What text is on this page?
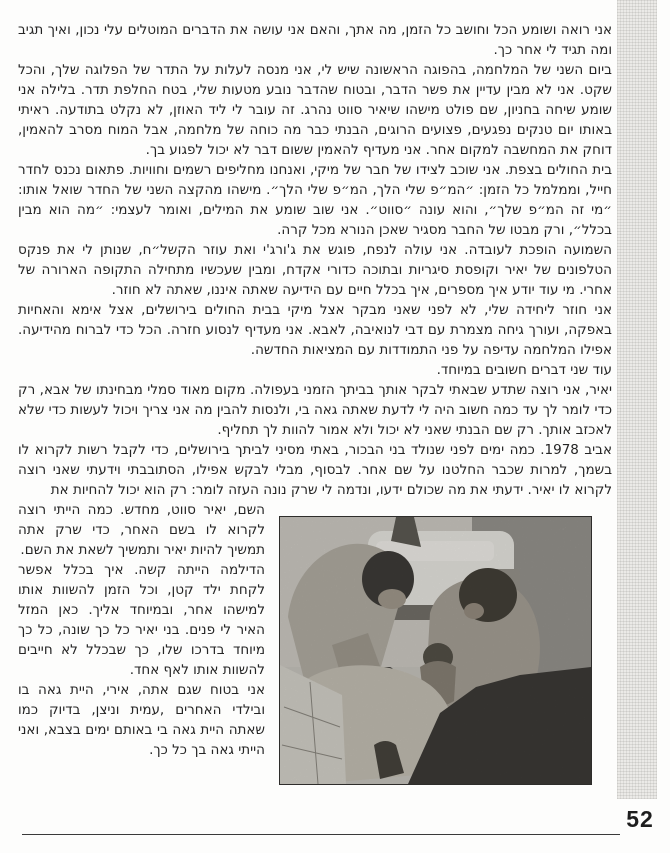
אני רואה ושומע הכל וחושב כל הזמן, מה אתך, והאם אני עושה את הדברים המוטלים עלי נכון, ואיך תגיב ומה תגיד לי אחר כך.

ביום השני של המלחמה, בהפוגה הראשונה שיש לי, אני מנסה לעלות על התדר של הפלוגה שלך, והכל שקט. אני לא מבין עדיין את פשר הדבר, ובטוח שהדבר נובע מטעות שלי, בטח החלפת תדר. בלילה אני שומע שיחה בחניון, שם פולט מישהו שיאיר סווט נהרג. זה עובר לי ליד האוזן, לא נקלט בתודעה. ראיתי באותו יום טנקים נפגעים, פצועים הרוגים, הבנתי כבר מה כוחה של מלחמה, אבל המוח מסרב להאמין, דוחק את המחשבה למקום אחר. אני מעדיף להאמין ששום דבר לא יכול לפגוע בך.

בית החולים בצפת. אני שוכב לצידו של חבר של מיקי, ואנחנו מחליפים רשמים וחוויות. פתאום נכנס לחדר חייל, וממלמל כל הזמן: ״המ״פ שלי הלך, המ״פ שלי הלך״. מישהו מהקצה השני של החדר שואל אותו: ״מי זה המ״פ שלך״, והוא עונה ״סווט״. אני שוב שומע את המילים, ואומר לעצמי: ״מה הוא מבין בכלל״, ורק מבטו של החבר מסגיר שאכן הנורא מכל קרה.

השמועה הופכת לעובדה. אני עולה לנפח, פוגש את ג'ורג'י ואת עוזר הקשל״ח, שנותן לי את פנקס הטלפונים של יאיר וקופסת סיגריות ובתוכה כדורי אקדח, ומבין שעכשיו מתחילה התקופה הארורה של אחרי. מי עוד יודע איך מספרים, איך בכלל חיים עם הידיעה שאתה איננו, שאתה לא חוזר.

אני חוזר ליחידה שלי, לא לפני שאני מבקר אצל מיקי בבית החולים בירושלים, אצל אימא והאחיות באפקה, ועורך גיחה מצמרת עם דבי לנואיבה, לאבא. אני מעדיף לנסוע חזרה. הכל כדי לברוח מהידיעה. אפילו המלחמה עדיפה על פני התמודדות עם המציאות החדשה.

עוד שני דברים חשובים במיוחד.

יאיר, אני רוצה שתדע שבאתי לבקר אותך בביתך הזמני בעפולה. מקום מאוד סמלי מבחינתו של אבא, רק כדי לומר לך עד כמה חשוב היה לי לדעת שאתה גאה בי, ולנסות להבין מה אני צריך ויכול לעשות כדי שלא לאכזב אותך. רק שם הבנתי שאני לא יכול ולא אמור להוות לך תחליף.

אביב 1978. כמה ימים לפני שנולד בני הבכור, באתי מסיני לביתך בירושלים, כדי לקבל רשות לקרוא לו בשמך, למרות שכבר החלטנו על שם אחר. לבסוף, מבלי לבקש אפילו, הסתובבתי וידעתי שאני רוצה לקרוא לו יאיר. ידעתי את מה שכולם ידעו, ונדמה לי שרק נונה העזה לומר: רק הוא יכול להחיות את

השם, יאיר סווט, מחדש. כמה הייתי רוצה לקרוא לו בשם האחר, כדי שרק אתה תמשיך להיות יאיר ותמשיך לשאת את השם.

הדילמה הייתה קשה. איך בכלל אפשר לקחת ילד קטן, וכל הזמן להשוות אותו למישהו אחר, ובמיוחד אליך. כאן המזל האיר לי פנים. בני יאיר כל כך שונה, כל כך מיוחד בדרכו שלו, כך שבכלל לא חייבים להשוות אותו לאף אחד.

אני בטוח שגם אתה, אירי, היית גאה בו ובילדי האחרים ,עמית וניצן, בדיוק כמו שאתה היית גאה בי באותם ימים בצבא, ואני הייתי גאה בך כל כך.

52
